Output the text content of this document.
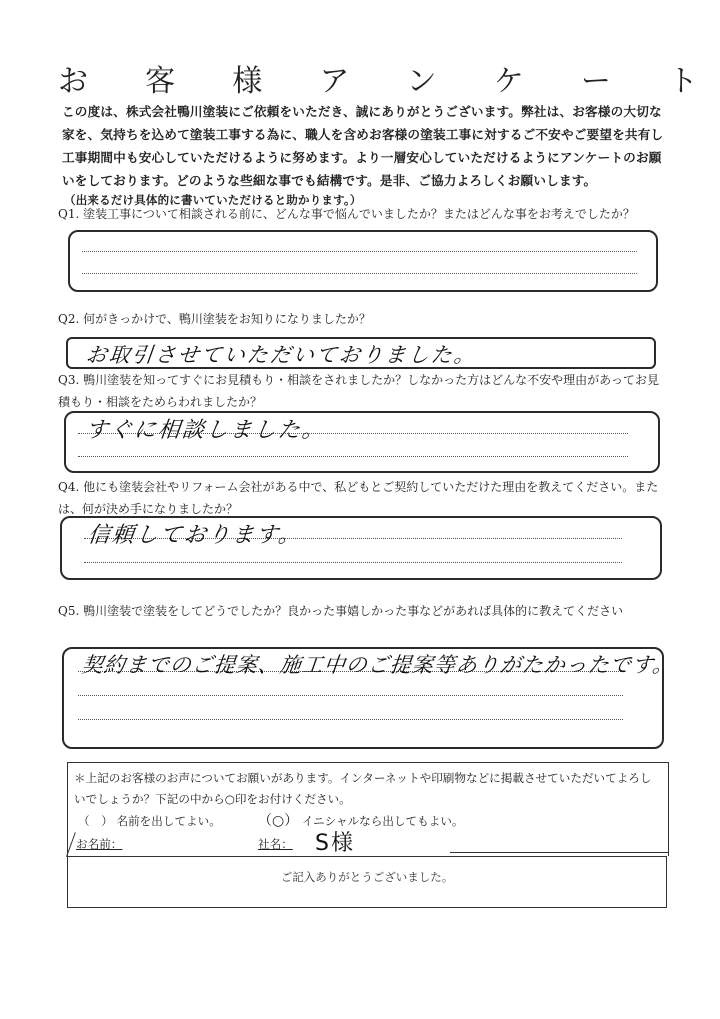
お 客 様 ア ン ケ ー ト
この度は、株式会社鴨川塗装にご依頼をいただき、誠にありがとうございます。弊社は、お客様の大切な
家を、気持ちを込めて塗装工事する為に、職人を含めお客様の塗装工事に対するご不安やご要望を共有し
工事期間中も安心していただけるように努めます。より一層安心していただけるようにアンケートのお願
いをしております。どのような些細な事でも結構です。是非、ご協力よろしくお願いします。
（出来るだけ具体的に書いていただけると助かります。）
Q1. 塗装工事について相談される前に、どんな事で悩んでいましたか？またはどんな事をお考えでしたか？
Q2. 何がきっかけで、鴨川塗装をお知りになりましたか？
お取引させていただいておりました。
Q3. 鴨川塗装を知ってすぐにお見積もり・相談をされましたか？しなかった方はどんな不安や理由があってお見
積もり・相談をためらわれましたか？
すぐに相談しました。
Q4. 他にも塗装会社やリフォーム会社がある中で、私どもとご契約していただけた理由を教えてください。また
は、何が決め手になりましたか？
信頼しております。
Q5. 鴨川塗装で塗装をしてどうでしたか？良かった事嬉しかった事などがあれば具体的に教えてください
契約までのご提案、施工中のご提案等ありがたかったです。
＊上記のお客様のお声についてお願いがあります。インターネットや印刷物などに掲載させていただいてよろし
いでしょうか？下記の中から○印をお付けください。
（　） 名前を出してよい。	（○） イニシャルなら出してもよい。
お名前：	社名： S様
ご記入ありがとうございました。
